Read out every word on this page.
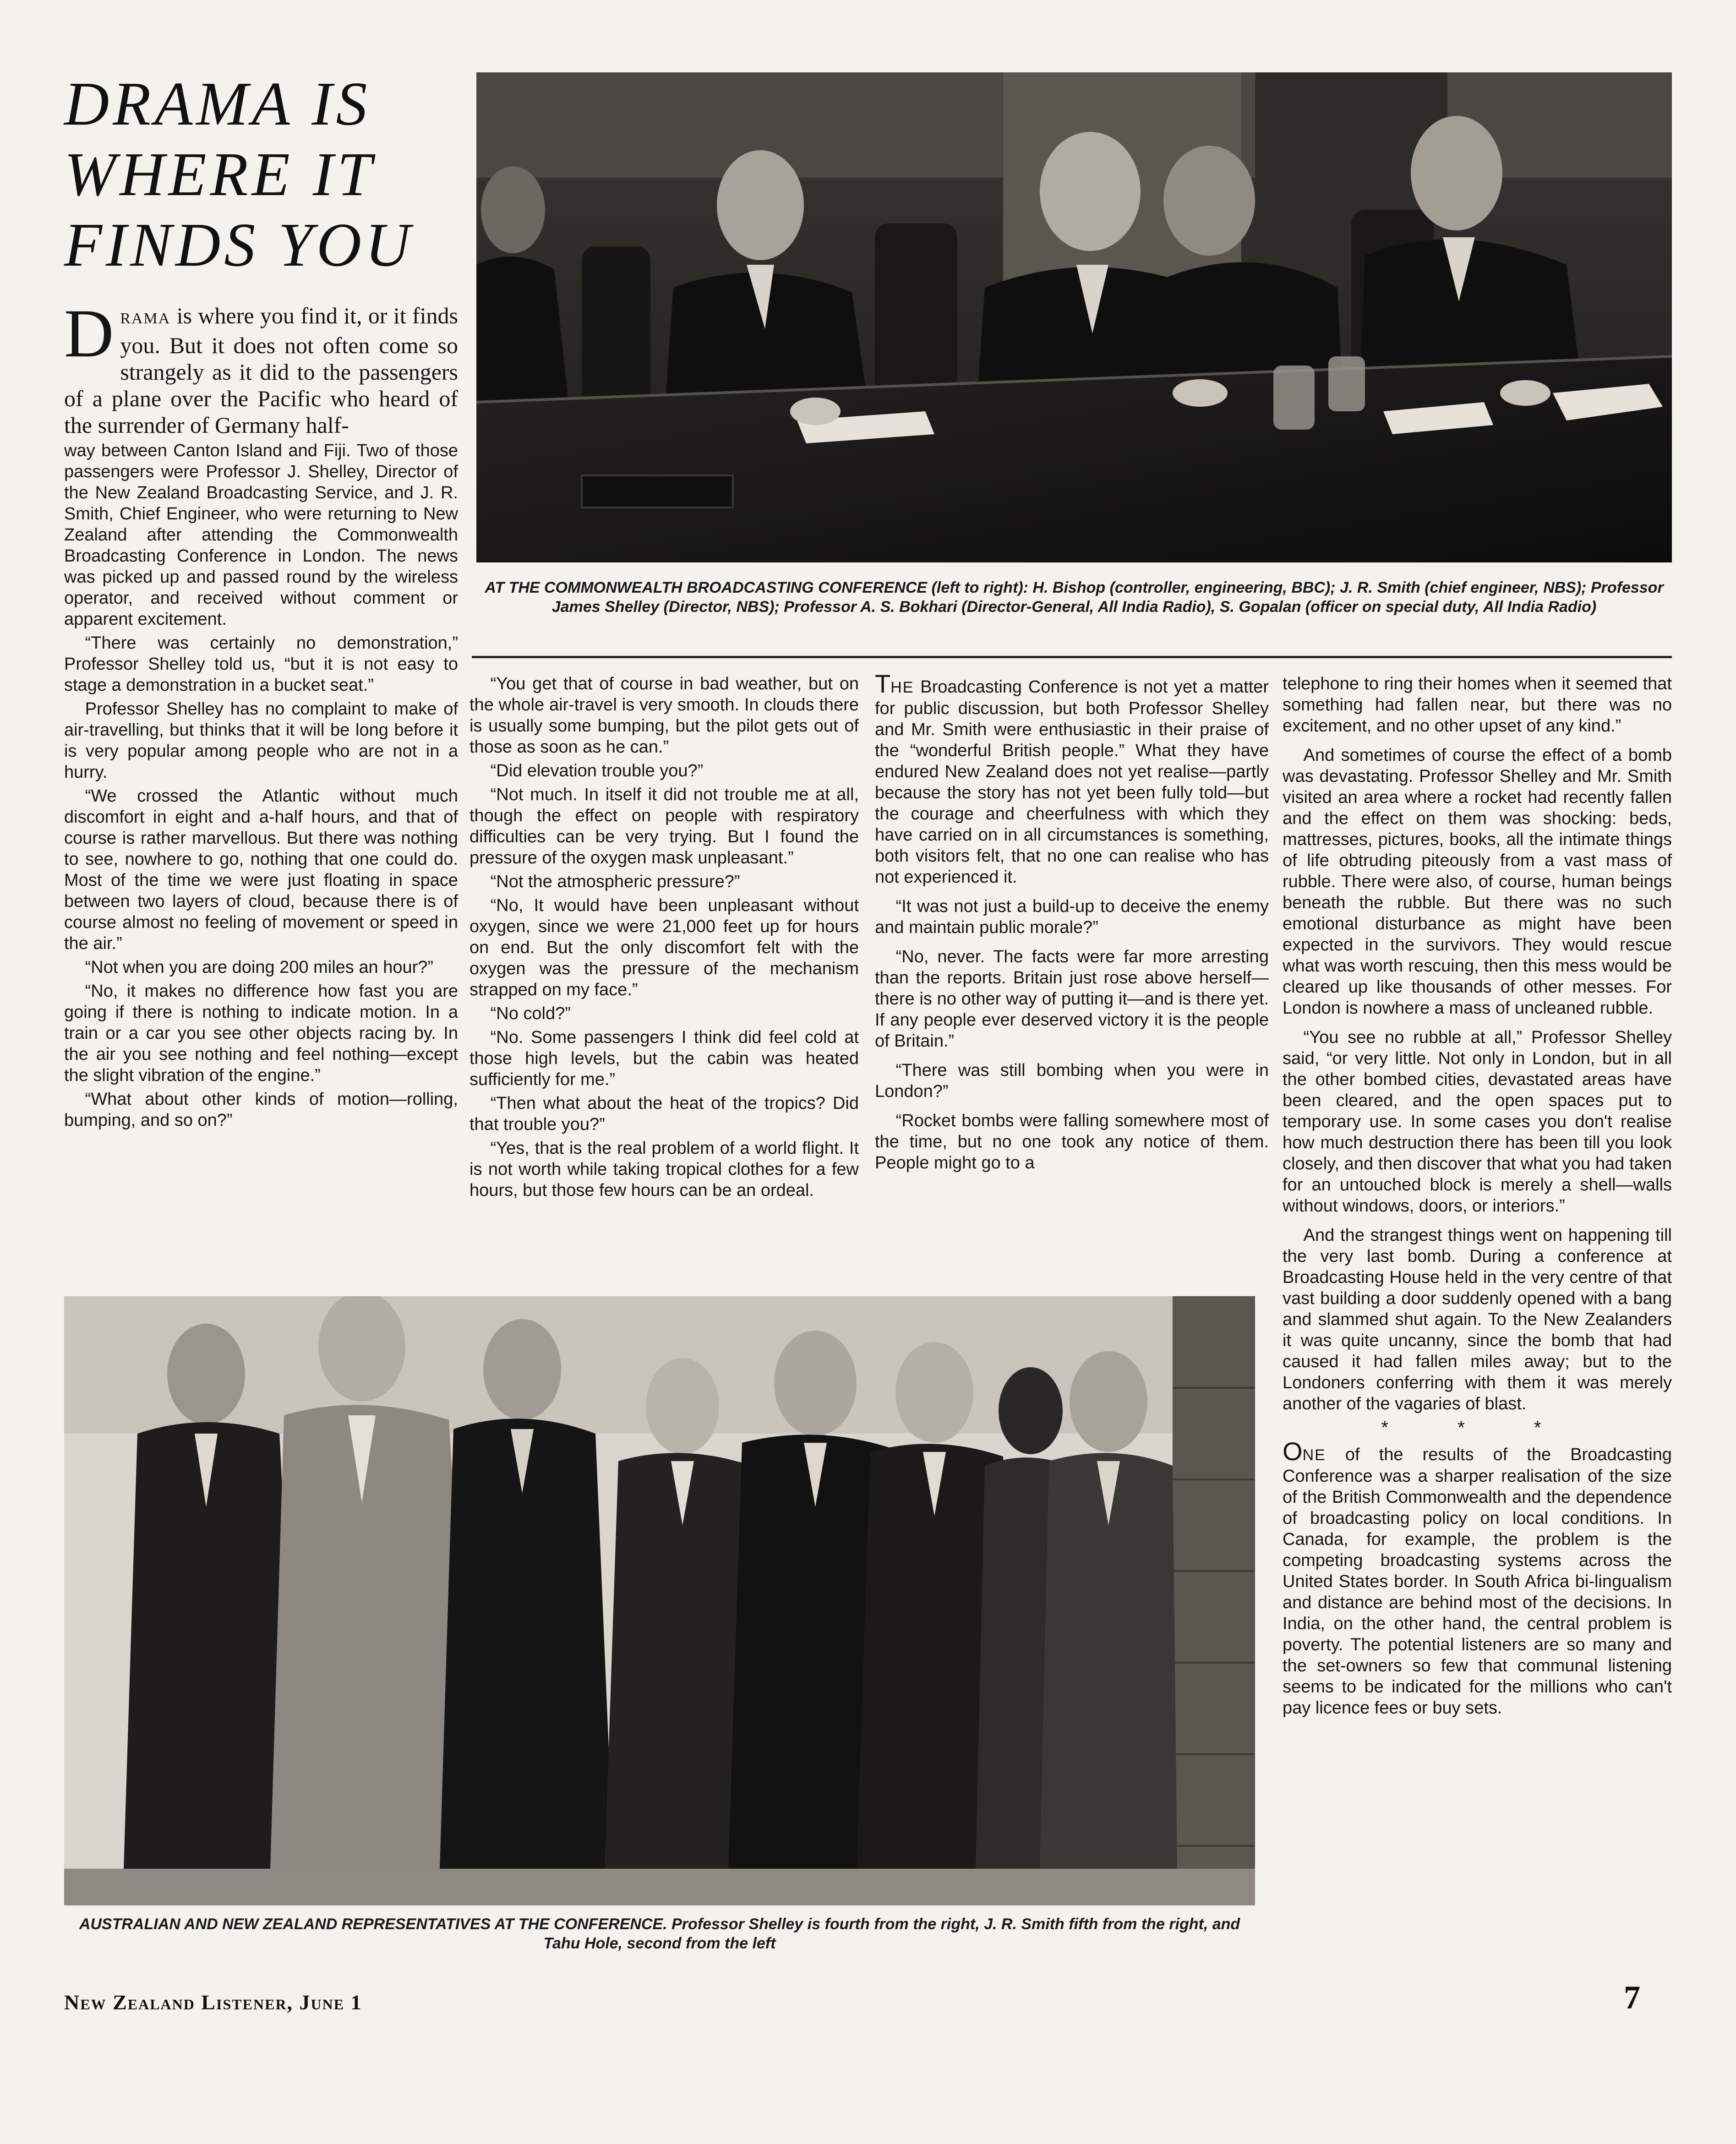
DRAMA IS
WHERE IT
FINDS YOU
AT THE COMMONWEALTH BROADCASTING CONFERENCE (left to right): H. Bishop (controller, engineering, BBC); J. R. Smith (chief engineer, NBS); Professor James Shelley (Director, NBS); Professor A. S. Bokhari (Director-General, All India Radio), S. Gopalan (officer on special duty, All India Radio)
DRAMA is where you find it, or it finds you. But it does not often come so strangely as it did to the passengers of a plane over the Pacific who heard of the surrender of Germany half-

way between Canton Island and Fiji. Two of those passengers were Professor J. Shelley, Director of the New Zealand Broadcasting Service, and J. R. Smith, Chief Engineer, who were returning to New Zealand after attending the Commonwealth Broadcasting Conference in London. The news was picked up and passed round by the wireless operator, and received without comment or apparent excitement.

“There was certainly no demonstration,” Professor Shelley told us, “but it is not easy to stage a demonstration in a bucket seat.”

Professor Shelley has no complaint to make of air-travelling, but thinks that it will be long before it is very popular among people who are not in a hurry.

“We crossed the Atlantic without much discomfort in eight and a-half hours, and that of course is rather marvellous. But there was nothing to see, nowhere to go, nothing that one could do. Most of the time we were just floating in space between two layers of cloud, because there is of course almost no feeling of movement or speed in the air.”

“Not when you are doing 200 miles an hour?”

“No, it makes no difference how fast you are going if there is nothing to indicate motion. In a train or a car you see other objects racing by. In the air you see nothing and feel nothing—except the slight vibration of the engine.”

“What about other kinds of motion—rolling, bumping, and so on?”

“You get that of course in bad weather, but on the whole air-travel is very smooth. In clouds there is usually some bumping, but the pilot gets out of those as soon as he can.”

“Did elevation trouble you?”

“Not much. In itself it did not trouble me at all, though the effect on people with respiratory difficulties can be very trying. But I found the pressure of the oxygen mask unpleasant.”

“Not the atmospheric pressure?”

“No, It would have been unpleasant without oxygen, since we were 21,000 feet up for hours on end. But the only discomfort felt with the oxygen was the pressure of the mechanism strapped on my face.”

“No cold?”

“No. Some passengers I think did feel cold at those high levels, but the cabin was heated sufficiently for me.”

“Then what about the heat of the tropics? Did that trouble you?”

“Yes, that is the real problem of a world flight. It is not worth while taking tropical clothes for a few hours, but those few hours can be an ordeal.

THE Broadcasting Conference is not yet a matter for public discussion, but both Professor Shelley and Mr. Smith were enthusiastic in their praise of the “wonderful British people.” What they have endured New Zealand does not yet realise—partly because the story has not yet been fully told—but the courage and cheerfulness with which they have carried on in all circumstances is something, both visitors felt, that no one can realise who has not experienced it.

“It was not just a build-up to deceive the enemy and maintain public morale?”

“No, never. The facts were far more arresting than the reports. Britain just rose above herself—there is no other way of putting it—and is there yet. If any people ever deserved victory it is the people of Britain.”

“There was still bombing when you were in London?”

“Rocket bombs were falling somewhere most of the time, but no one took any notice of them. People might go to a

telephone to ring their homes when it seemed that something had fallen near, but there was no excitement, and no other upset of any kind.”

And sometimes of course the effect of a bomb was devastating. Professor Shelley and Mr. Smith visited an area where a rocket had recently fallen and the effect on them was shocking: beds, mattresses, pictures, books, all the intimate things of life obtruding piteously from a vast mass of rubble. There were also, of course, human beings beneath the rubble. But there was no such emotional disturbance as might have been expected in the survivors. They would rescue what was worth rescuing, then this mess would be cleared up like thousands of other messes. For London is nowhere a mass of uncleaned rubble.

“You see no rubble at all,” Professor Shelley said, “or very little. Not only in London, but in all the other bombed cities, devastated areas have been cleared, and the open spaces put to temporary use. In some cases you don't realise how much destruction there has been till you look closely, and then discover that what you had taken for an untouched block is merely a shell—walls without windows, doors, or interiors.”

And the strangest things went on happening till the very last bomb. During a conference at Broadcasting House held in the very centre of that vast building a door suddenly opened with a bang and slammed shut again. To the New Zealanders it was quite uncanny, since the bomb that had caused it had fallen miles away; but to the Londoners conferring with them it was merely another of the vagaries of blast.

* * *

ONE of the results of the Broadcasting Conference was a sharper realisation of the size of the British Commonwealth and the dependence of broadcasting policy on local conditions. In Canada, for example, the problem is the competing broadcasting systems across the United States border. In South Africa bi-lingualism and distance are behind most of the decisions. In India, on the other hand, the central problem is poverty. The potential listeners are so many and the set-owners so few that communal listening seems to be indicated for the millions who can't pay licence fees or buy sets.

AUSTRALIAN AND NEW ZEALAND REPRESENTATIVES AT THE CONFERENCE. Professor Shelley is fourth from the right, J. R. Smith fifth from the right, and Tahu Hole, second from the left
New Zealand Listener, June 1	7
